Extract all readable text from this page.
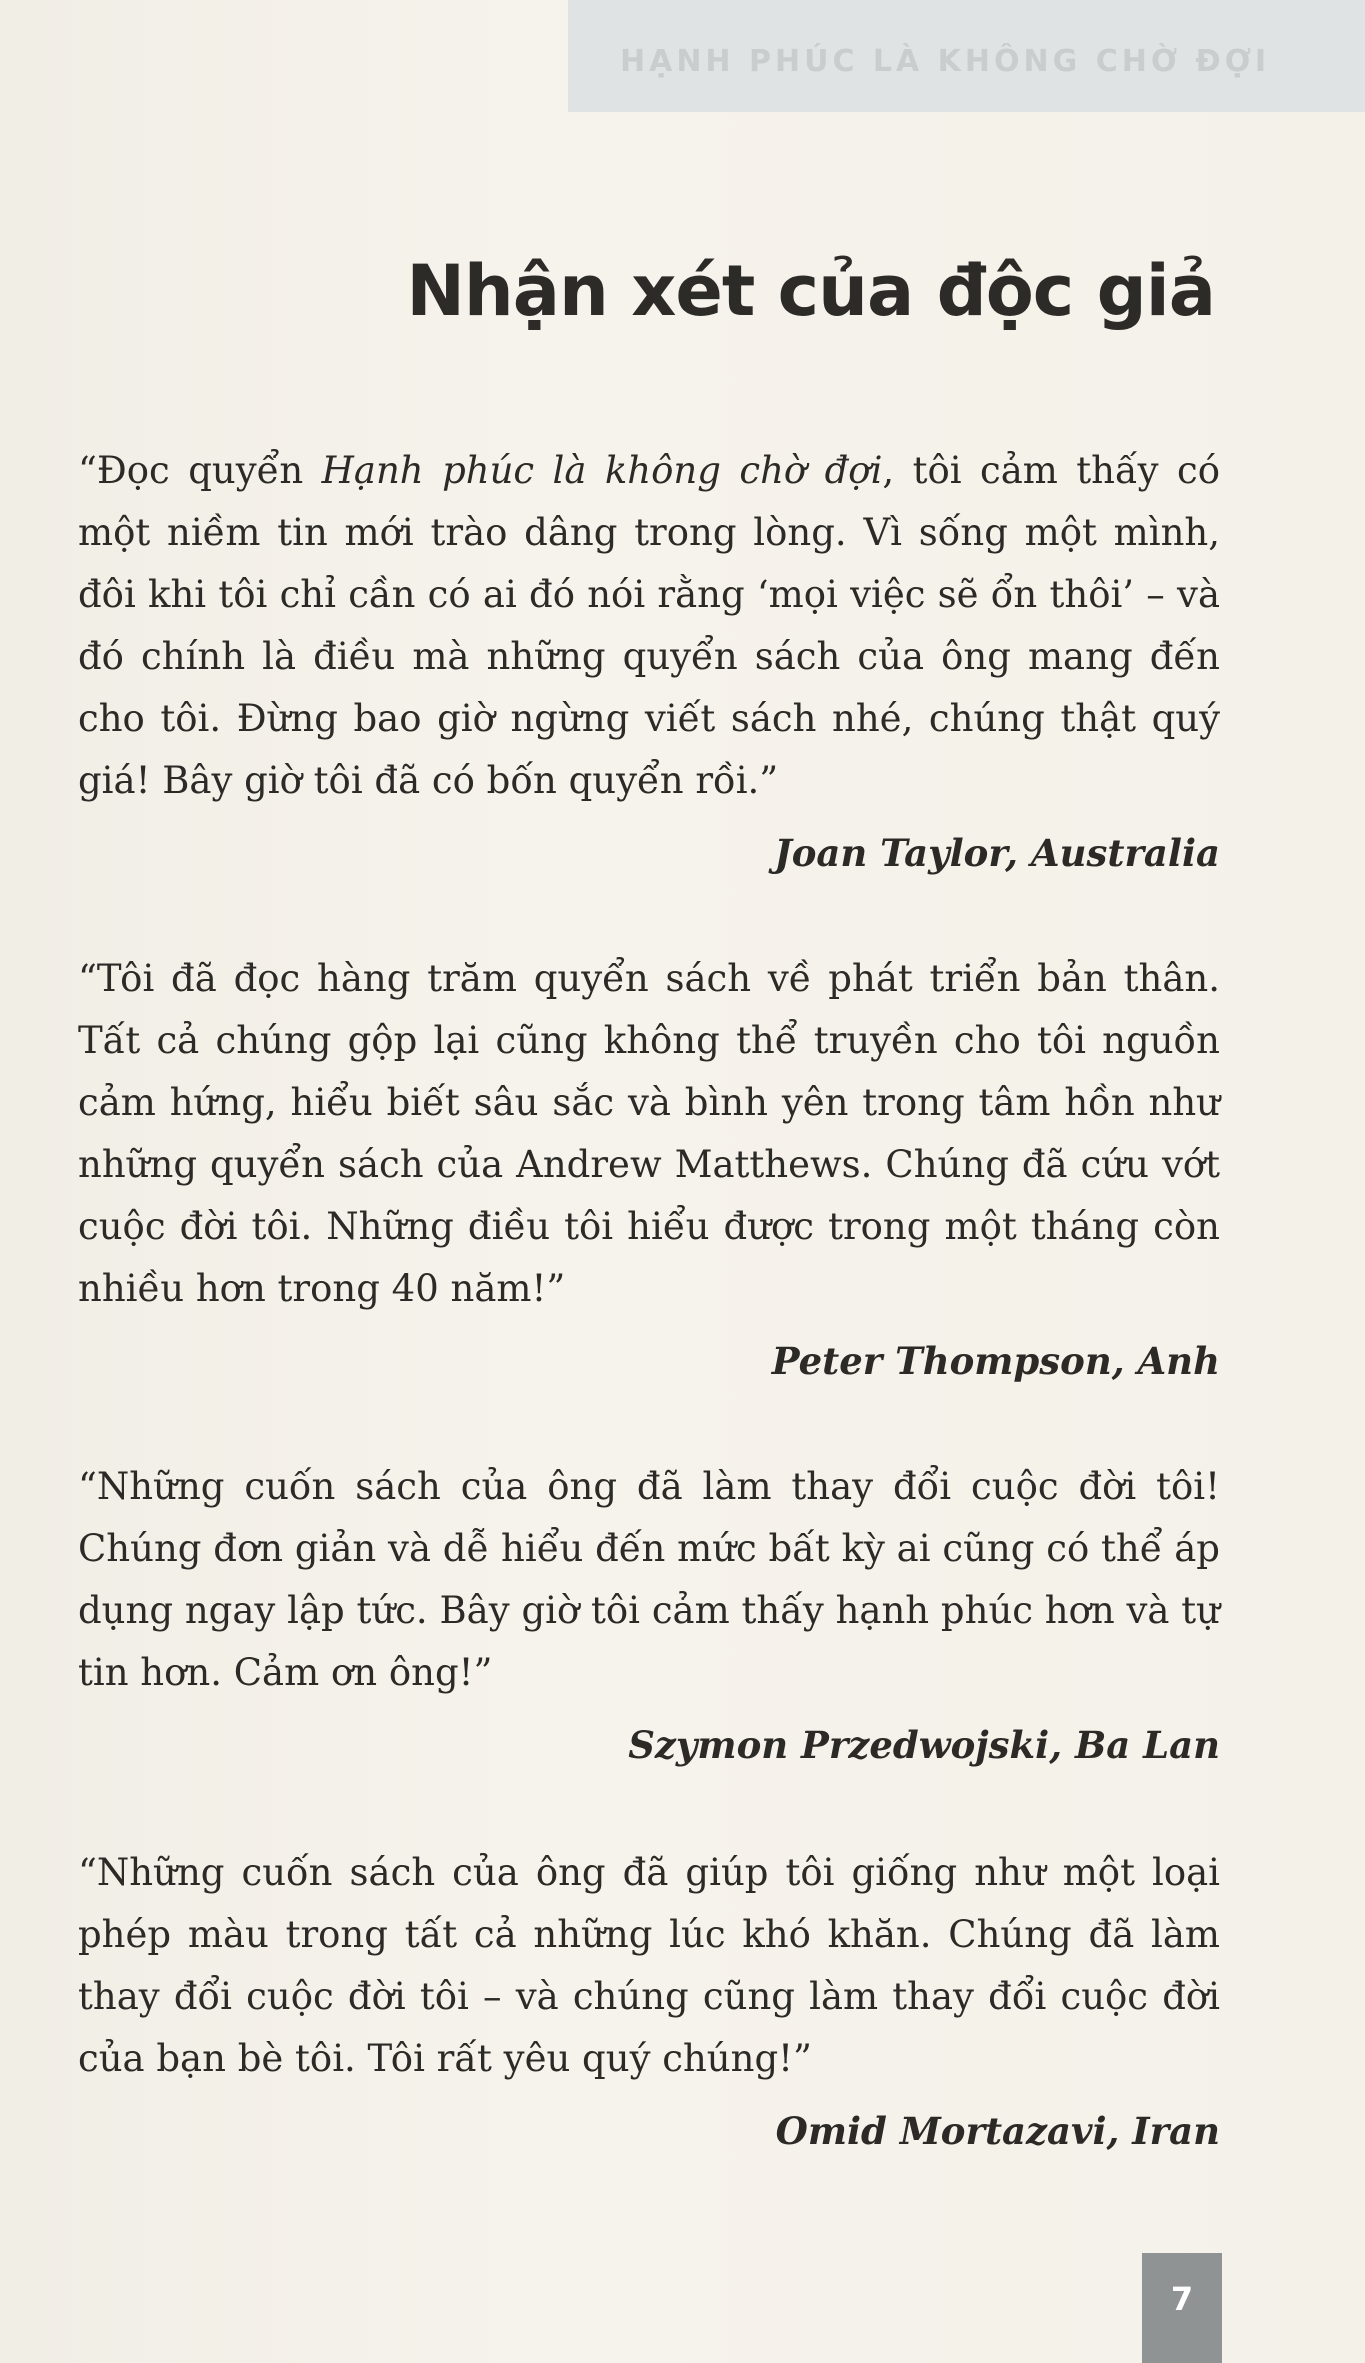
HẠNH PHÚC LÀ KHÔNG CHỜ ĐỢI
Nhận xét của độc giả

“Đọc quyển Hạnh phúc là không chờ đợi, tôi cảm thấy có một niềm tin mới trào dâng trong lòng. Vì sống một mình, đôi khi tôi chỉ cần có ai đó nói rằng ‘mọi việc sẽ ổn thôi’ – và đó chính là điều mà những quyển sách của ông mang đến cho tôi. Đừng bao giờ ngừng viết sách nhé, chúng thật quý giá! Bây giờ tôi đã có bốn quyển rồi.”

Joan Taylor, Australia

“Tôi đã đọc hàng trăm quyển sách về phát triển bản thân. Tất cả chúng gộp lại cũng không thể truyền cho tôi nguồn cảm hứng, hiểu biết sâu sắc và bình yên trong tâm hồn như những quyển sách của Andrew Matthews. Chúng đã cứu vớt cuộc đời tôi. Những điều tôi hiểu được trong một tháng còn nhiều hơn trong 40 năm!”

Peter Thompson, Anh

“Những cuốn sách của ông đã làm thay đổi cuộc đời tôi! Chúng đơn giản và dễ hiểu đến mức bất kỳ ai cũng có thể áp dụng ngay lập tức. Bây giờ tôi cảm thấy hạnh phúc hơn và tự tin hơn. Cảm ơn ông!”

Szymon Przedwojski, Ba Lan

“Những cuốn sách của ông đã giúp tôi giống như một loại phép màu trong tất cả những lúc khó khăn. Chúng đã làm thay đổi cuộc đời tôi – và chúng cũng làm thay đổi cuộc đời của bạn bè tôi. Tôi rất yêu quý chúng!”

Omid Mortazavi, Iran

7
